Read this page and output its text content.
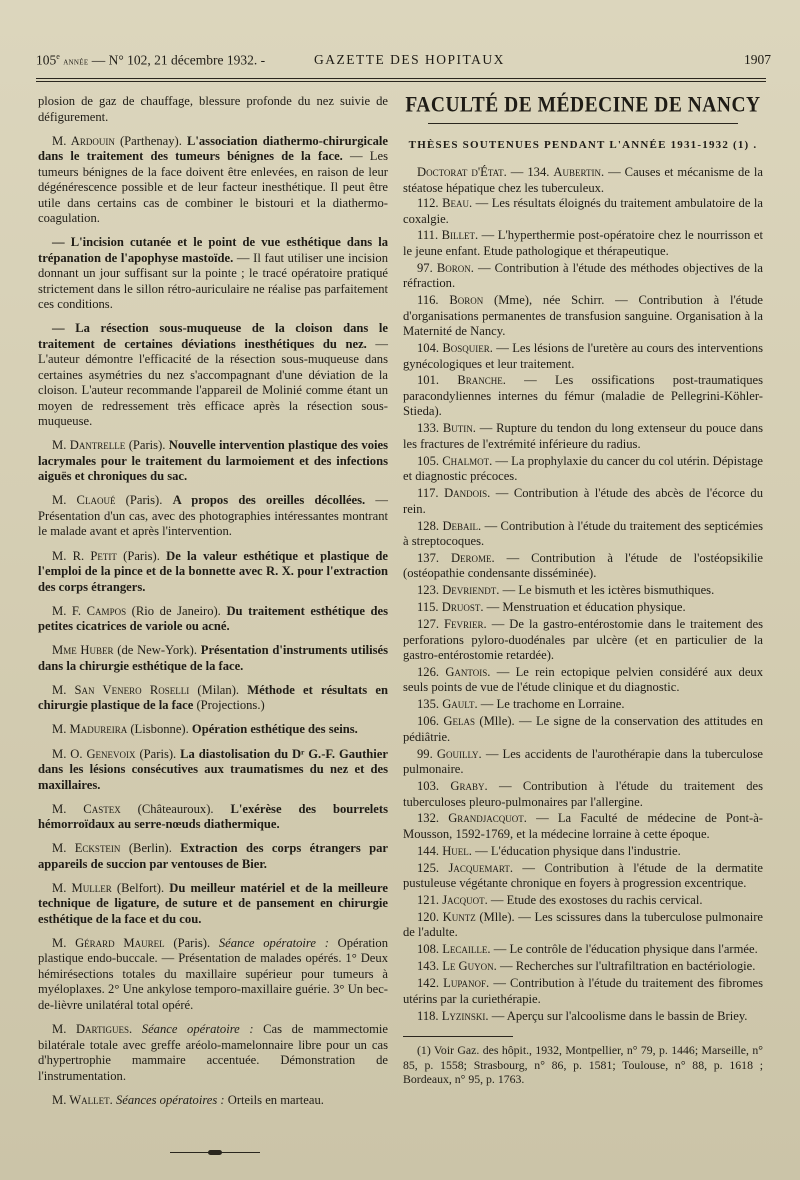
105e année — N° 102, 21 décembre 1932. -	GAZETTE DES HOPITAUX	1907

plosion de gaz de chauffage, blessure profonde du nez suivie de défigurement.

M. Ardouin (Parthenay). L'association diathermo-chirurgicale dans le traitement des tumeurs bénignes de la face. — Les tumeurs bénignes de la face doivent être enlevées, en raison de leur dégénérescence possible et de leur facteur inesthétique. Il peut être utile dans certains cas de combiner le bistouri et la diathermo-coagulation.

— L'incision cutanée et le point de vue esthétique dans la trépanation de l'apophyse mastoïde. — Il faut utiliser une incision donnant un jour suffisant sur la pointe ; le tracé opératoire pratiqué strictement dans le sillon rétro-auriculaire ne réalise pas parfaitement ces conditions.

— La résection sous-muqueuse de la cloison dans le traitement de certaines déviations inesthétiques du nez. — L'auteur démontre l'efficacité de la résection sous-muqueuse dans certaines asymétries du nez s'accompagnant d'une déviation de la cloison. L'auteur recommande l'appareil de Molinié comme étant un moyen de redressement très efficace après la résection sous-muqueuse.

M. Dantrelle (Paris). Nouvelle intervention plastique des voies lacrymales pour le traitement du larmoiement et des infections aiguës et chroniques du sac.

M. Claoué (Paris). A propos des oreilles décollées. — Présentation d'un cas, avec des photographies intéressantes montrant le malade avant et après l'intervention.

M. R. Petit (Paris). De la valeur esthétique et plastique de l'emploi de la pince et de la bonnette avec R. X. pour l'extraction des corps étrangers.

M. F. Campos (Rio de Janeiro). Du traitement esthétique des petites cicatrices de variole ou acné.

Mme Huber (de New-York). Présentation d'instruments utilisés dans la chirurgie esthétique de la face.

M. San Venero Roselli (Milan). Méthode et résultats en chirurgie plastique de la face (Projections.)

M. Madureira (Lisbonne). Opération esthétique des seins.

M. O. Genevoix (Paris). La diastolisation du Dʳ G.-F. Gauthier dans les lésions consécutives aux traumatismes du nez et des maxillaires.

M. Castex (Châteauroux). L'exérèse des bourrelets hémorroïdaux au serre-nœuds diathermique.

M. Eckstein (Berlin). Extraction des corps étrangers par appareils de succion par ventouses de Bier.

M. Muller (Belfort). Du meilleur matériel et de la meilleure technique de ligature, de suture et de pansement en chirurgie esthétique de la face et du cou.

M. Gérard Maurel (Paris). Séance opératoire : Opération plastique endo-buccale. — Présentation de malades opérés. 1° Deux hémirésections totales du maxillaire supérieur pour tumeurs à myéloplaxes. 2° Une ankylose temporo-maxillaire guérie. 3° Un bec-de-lièvre unilatéral total opéré.

M. Dartigues. Séance opératoire : Cas de mammectomie bilatérale totale avec greffe aréolo-mamelonnaire libre pour un cas d'hypertrophie mammaire accentuée. Démonstration de l'instrumentation.

M. Wallet. Séances opératoires : Orteils en marteau.

FACULTÉ DE MÉDECINE DE NANCY
THÈSES SOUTENUES PENDANT L'ANNÉE 1931-1932 (1) .

Doctorat d'État. — 134. Aubertin. — Causes et mécanisme de la stéatose hépatique chez les tuberculeux.

112. Beau. — Les résultats éloignés du traitement ambulatoire de la coxalgie.

111. Billet. — L'hyperthermie post-opératoire chez le nourrisson et le jeune enfant. Etude pathologique et thérapeutique.

97. Boron. — Contribution à l'étude des méthodes objectives de la réfraction.

116. Boron (Mme), née Schirr. — Contribution à l'étude d'organisations permanentes de transfusion sanguine. Organisation à la Maternité de Nancy.

104. Bosquier. — Les lésions de l'uretère au cours des interventions gynécologiques et leur traitement.

101. Branche. — Les ossifications post-traumatiques paracondyliennes internes du fémur (maladie de Pellegrini-Köhler-Stieda).

133. Butin. — Rupture du tendon du long extenseur du pouce dans les fractures de l'extrémité inférieure du radius.

105. Chalmot. — La prophylaxie du cancer du col utérin. Dépistage et diagnostic précoces.

117. Dandois. — Contribution à l'étude des abcès de l'écorce du rein.

128. Debail. — Contribution à l'étude du traitement des septicémies à streptocoques.

137. Derome. — Contribution à l'étude de l'ostéopsikilie (ostéopathie condensante disséminée).

123. Devriendt. — Le bismuth et les ictères bismuthiques.

115. Druost. — Menstruation et éducation physique.

127. Fevrier. — De la gastro-entérostomie dans le traitement des perforations pyloro-duodénales par ulcère (et en particulier de la gastro-entérostomie retardée).

126. Gantois. — Le rein ectopique pelvien considéré aux deux seuls points de vue de l'étude clinique et du diagnostic.

135. Gault. — Le trachome en Lorraine.

106. Gelas (Mlle). — Le signe de la conservation des attitudes en pédiâtrie.

99. Gouilly. — Les accidents de l'aurothérapie dans la tuberculose pulmonaire.

103. Graby. — Contribution à l'étude du traitement des tuberculoses pleuro-pulmonaires par l'allergine.

132. Grandjacquot. — La Faculté de médecine de Pont-à-Mousson, 1592-1769, et la médecine lorraine à cette époque.

144. Huel. — L'éducation physique dans l'industrie.

125. Jacquemart. — Contribution à l'étude de la dermatite pustuleuse végétante chronique en foyers à progression excentrique.

121. Jacquot. — Etude des exostoses du rachis cervical.

120. Kuntz (Mlle). — Les scissures dans la tuberculose pulmonaire de l'adulte.

108. Lecaille. — Le contrôle de l'éducation physique dans l'armée.

143. Le Guyon. — Recherches sur l'ultrafiltration en bactériologie.

142. Lupanof. — Contribution à l'étude du traitement des fibromes utérins par la curiethérapie.

118. Lyzinski. — Aperçu sur l'alcoolisme dans le bassin de Briey.

(1) Voir Gaz. des hôpit., 1932, Montpellier, n° 79, p. 1446; Marseille, n° 85, p. 1558; Strasbourg, n° 86, p. 1581; Toulouse, n° 88, p. 1618 ; Bordeaux, n° 95, p. 1763.
